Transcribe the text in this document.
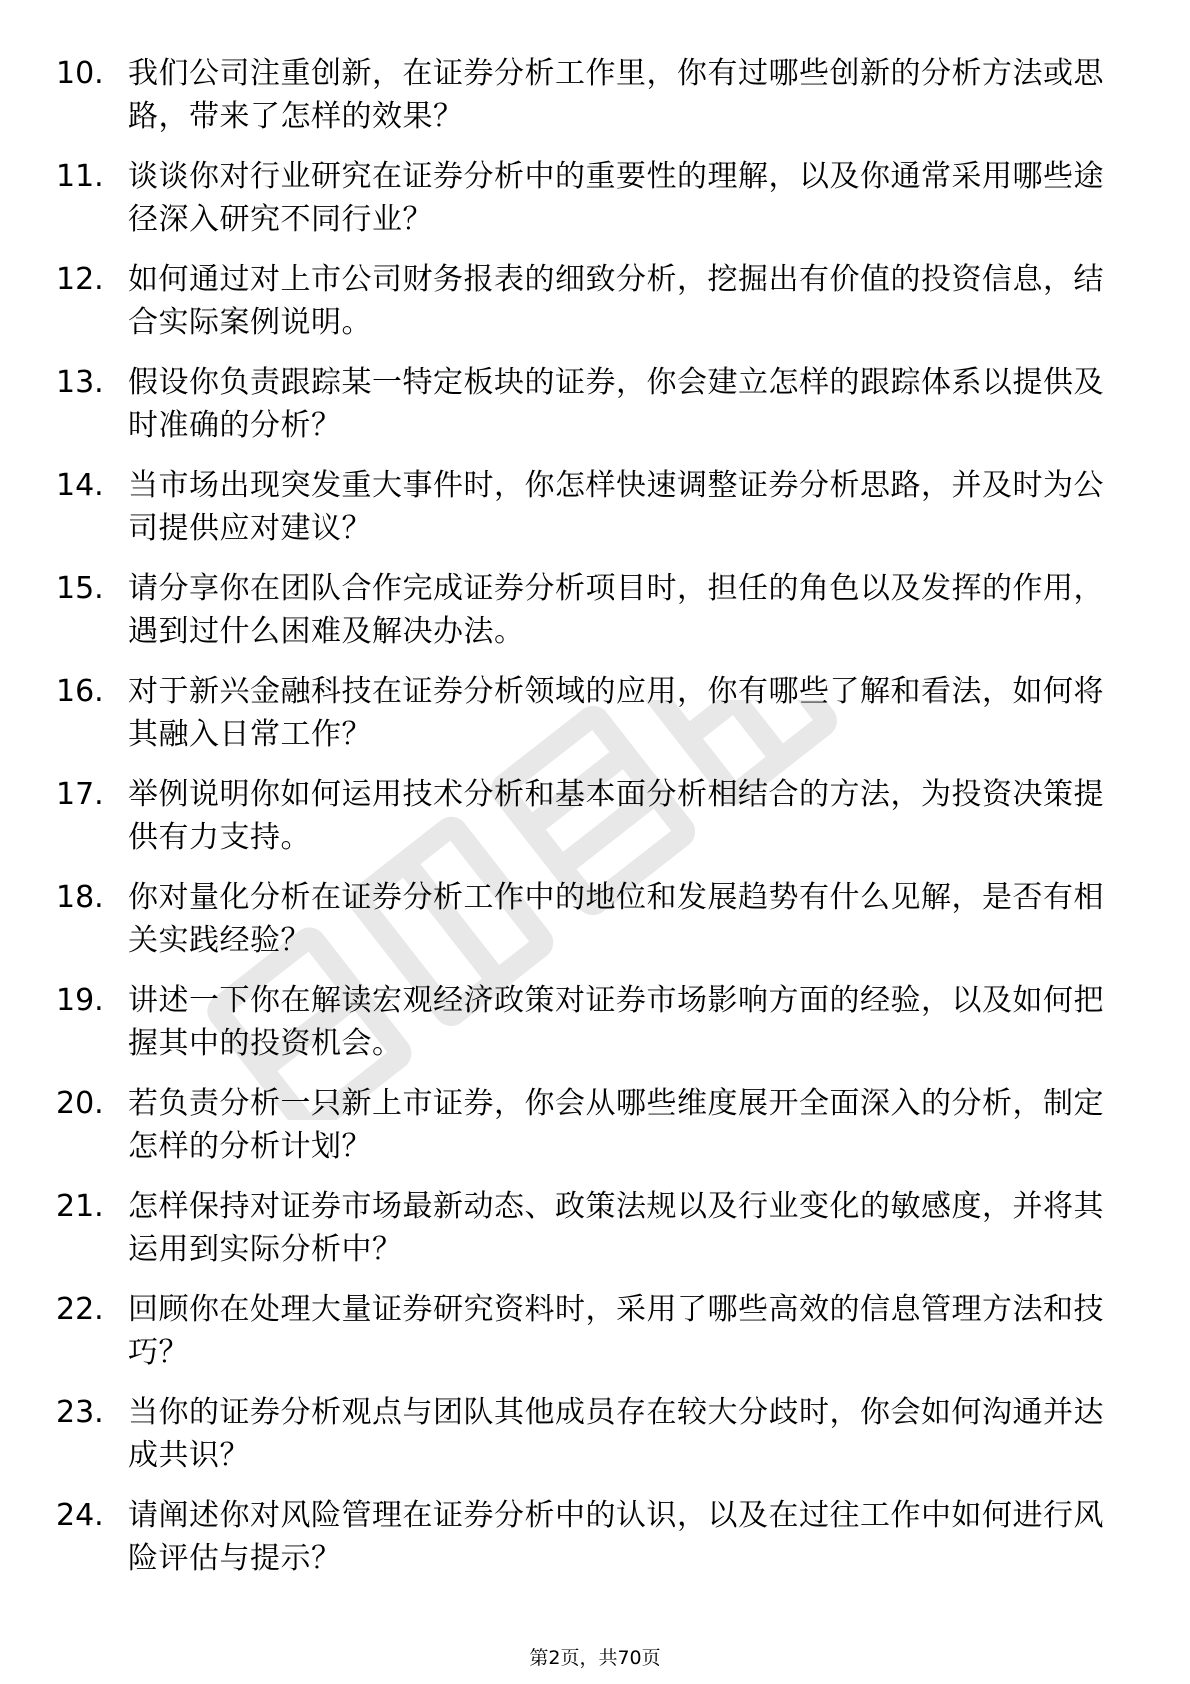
10. 我们公司注重创新，在证券分析工作里，你有过哪些创新的分析方法或思路，带来了怎样的效果？
11. 谈谈你对行业研究在证券分析中的重要性的理解，以及你通常采用哪些途径深入研究不同行业？
12. 如何通过对上市公司财务报表的细致分析，挖掘出有价值的投资信息，结合实际案例说明。
13. 假设你负责跟踪某一特定板块的证券，你会建立怎样的跟踪体系以提供及时准确的分析？
14. 当市场出现突发重大事件时，你怎样快速调整证券分析思路，并及时为公司提供应对建议？
15. 请分享你在团队合作完成证券分析项目时，担任的角色以及发挥的作用，遇到过什么困难及解决办法。
16. 对于新兴金融科技在证券分析领域的应用，你有哪些了解和看法，如何将其融入日常工作？
17. 举例说明你如何运用技术分析和基本面分析相结合的方法，为投资决策提供有力支持。
18. 你对量化分析在证券分析工作中的地位和发展趋势有什么见解，是否有相关实践经验？
19. 讲述一下你在解读宏观经济政策对证券市场影响方面的经验，以及如何把握其中的投资机会。
20. 若负责分析一只新上市证券，你会从哪些维度展开全面深入的分析，制定怎样的分析计划？
21. 怎样保持对证券市场最新动态、政策法规以及行业变化的敏感度，并将其运用到实际分析中？
22. 回顾你在处理大量证券研究资料时，采用了哪些高效的信息管理方法和技巧？
23. 当你的证券分析观点与团队其他成员存在较大分歧时，你会如何沟通并达成共识？
24. 请阐述你对风险管理在证券分析中的认识，以及在过往工作中如何进行风险评估与提示？
第2页，共70页
